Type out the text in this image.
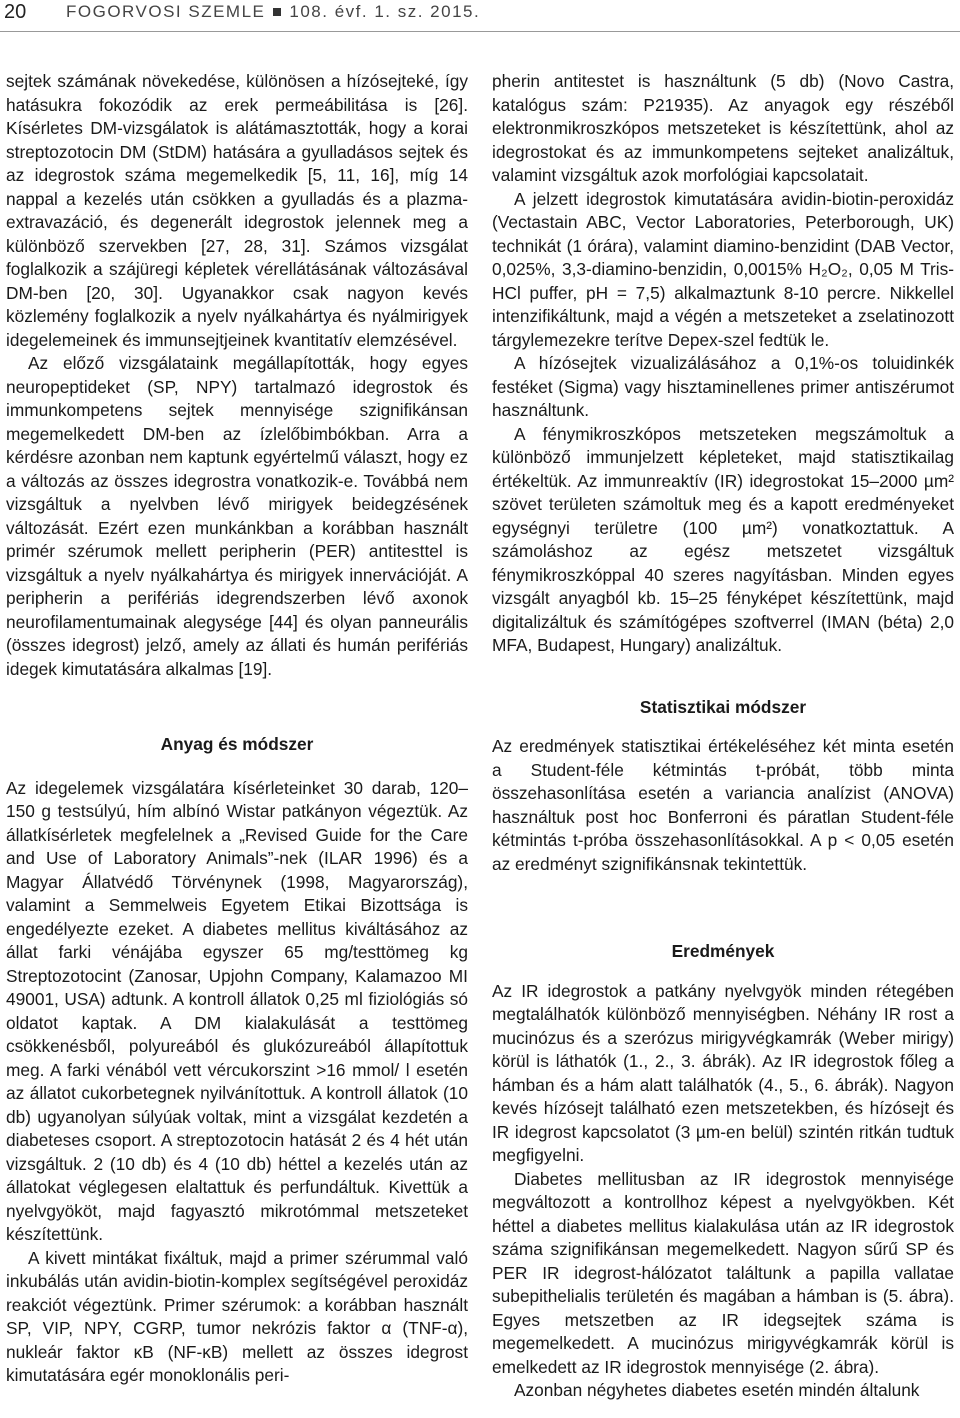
20 FOGORVOSI SZEMLE 108. évf. 1. sz. 2015.

sejtek számának növekedése, különösen a hízósejteké, így hatásukra fokozódik az erek permeábilitása is [26]. Kísérletes DM-vizsgálatok is alátámasztották, hogy a korai streptozotocin DM (StDM) hatására a gyulladásos sejtek és az idegrostok száma megemelkedik [5, 11, 16], míg 14 nappal a kezelés után csökken a gyulladás és a plazma-extravazáció, és degenerált idegrostok jelennek meg a különböző szervekben [27, 28, 31]. Számos vizsgálat foglalkozik a szájüregi képletek vérellátásának változásával DM-ben [20, 30]. Ugyanakkor csak nagyon kevés közlemény foglalkozik a nyelv nyálkahártya és nyálmirigyek idegelemeinek és immunsejtjeinek kvantitatív elemzésével.

Az előző vizsgálataink megállapították, hogy egyes neuropeptideket (SP, NPY) tartalmazó idegrostok és immunkompetens sejtek mennyisége szignifikánsan megemelkedett DM-ben az ízlelőbimbókban. Arra a kérdésre azonban nem kaptunk egyértelmű választ, hogy ez a változás az összes idegrostra vonatkozik-e. Továbbá nem vizsgáltuk a nyelvben lévő mirigyek beidegzésének változását. Ezért ezen munkánkban a korábban használt primér szérumok mellett peripherin (PER) antitesttel is vizsgáltuk a nyelv nyálkahártya és mirigyek innervációját. A peripherin a perifériás idegrendszerben lévő axonok neurofilamentumainak alegysége [44] és olyan panneurális (összes idegrost) jelző, amely az állati és humán perifériás idegek kimutatására alkalmas [19].

Anyag és módszer

Az idegelemek vizsgálatára kísérleteinket 30 darab, 120–150 g testsúlyú, hím albínó Wistar patkányon végeztük. Az állatkísérletek megfelelnek a „Revised Guide for the Care and Use of Laboratory Animals”-nek (ILAR 1996) és a Magyar Állatvédő Törvénynek (1998, Magyarország), valamint a Semmelweis Egyetem Etikai Bizottsága is engedélyezte ezeket. A diabetes mellitus kiváltásához az állat farki vénájába egyszer 65 mg/testtömeg kg Streptozotocint (Zanosar, Upjohn Company, Kalamazoo MI 49001, USA) adtunk. A kontroll állatok 0,25 ml fiziológiás só oldatot kaptak. A DM kialakulását a testtömeg csökkenésből, polyureából és glukózureából állapítottuk meg. A farki vénából vett vércukorszint >16 mmol/ l esetén az állatot cukorbetegnek nyilvánítottuk. A kontroll állatok (10 db) ugyanolyan súlyúak voltak, mint a vizsgálat kezdetén a diabeteses csoport. A streptozotocin hatását 2 és 4 hét után vizsgáltuk. 2 (10 db) és 4 (10 db) héttel a kezelés után az állatokat véglegesen elaltattuk és perfundáltuk. Kivettük a nyelvgyököt, majd fagyasztó mikrotómmal metszeteket készítettünk.

A kivett mintákat fixáltuk, majd a primer szérummal való inkubálás után avidin-biotin-komplex segítségével peroxidáz reakciót végeztünk. Primer szérumok: a korábban használt SP, VIP, NPY, CGRP, tumor nekrózis faktor α (TNF-α), nukleár faktor κB (NF-κB) mellett az összes idegrost kimutatására egér monoklonális peri-

pherin antitestet is használtunk (5 db) (Novo Castra, katalógus szám: P21935). Az anyagok egy részéből elektronmikroszkópos metszeteket is készítettünk, ahol az idegrostokat és az immunkompetens sejteket analizáltuk, valamint vizsgáltuk azok morfológiai kapcsolatait.

A jelzett idegrostok kimutatására avidin-biotin-peroxidáz (Vectastain ABC, Vector Laboratories, Peterborough, UK) technikát (1 órára), valamint diamino-benzidint (DAB Vector, 0,025%, 3,3-diamino-benzidin, 0,0015% H₂O₂, 0,05 M Tris-HCl puffer, pH = 7,5) alkalmaztunk 8-10 percre. Nikkellel intenzifikáltunk, majd a végén a metszeteket a zselatinozott tárgylemezekre terítve Depex-szel fedtük le.

A hízósejtek vizualizálásához a 0,1%-os toluidinkék festéket (Sigma) vagy hisztaminellenes primer antiszérumot használtunk.

A fénymikroszkópos metszeteken megszámoltuk a különböző immunjelzett képleteket, majd statisztikailag értékeltük. Az immunreaktív (IR) idegrostokat 15–2000 µm² szövet területen számoltuk meg és a kapott eredményeket egységnyi területre (100 µm²) vonatkoztattuk. A számoláshoz az egész metszetet vizsgáltuk fénymikroszkóppal 40 szeres nagyításban. Minden egyes vizsgált anyagból kb. 15–25 fényképet készítettünk, majd digitalizáltuk és számítógépes szoftverrel (IMAN (béta) 2,0 MFA, Budapest, Hungary) analizáltuk.

Statisztikai módszer

Az eredmények statisztikai értékeléséhez két minta esetén a Student-féle kétmintás t-próbát, több minta összehasonlítása esetén a variancia analízist (ANOVA) használtuk post hoc Bonferroni és páratlan Student-féle kétmintás t-próba összehasonlításokkal. A p < 0,05 esetén az eredményt szignifikánsnak tekintettük.

Eredmények

Az IR idegrostok a patkány nyelvgyök minden rétegében megtalálhatók különböző mennyiségben. Néhány IR rost a mucinózus és a szerózus mirigyvégkamrák (Weber mirigy) körül is láthatók (1., 2., 3. ábrák). Az IR idegrostok főleg a hámban és a hám alatt találhatók (4., 5., 6. ábrák). Nagyon kevés hízósejt található ezen metszetekben, és hízósejt és IR idegrost kapcsolatot (3 µm-en belül) szintén ritkán tudtuk megfigyelni.

Diabetes mellitusban az IR idegrostok mennyisége megváltozott a kontrollhoz képest a nyelvgyökben. Két héttel a diabetes mellitus kialakulása után az IR idegrostok száma szignifikánsan megemelkedett. Nagyon sűrű SP és PER IR idegrost-hálózatot találtunk a papilla vallatae subepithelialis területén és magában a hámban is (5. ábra). Egyes metszetben az IR idegsejtek száma is megemelkedett. A mucinózus mirigyvégkamrák körül is emelkedett az IR idegrostok mennyisége (2. ábra).

Azonban négyhetes diabetes esetén mindén általunk
